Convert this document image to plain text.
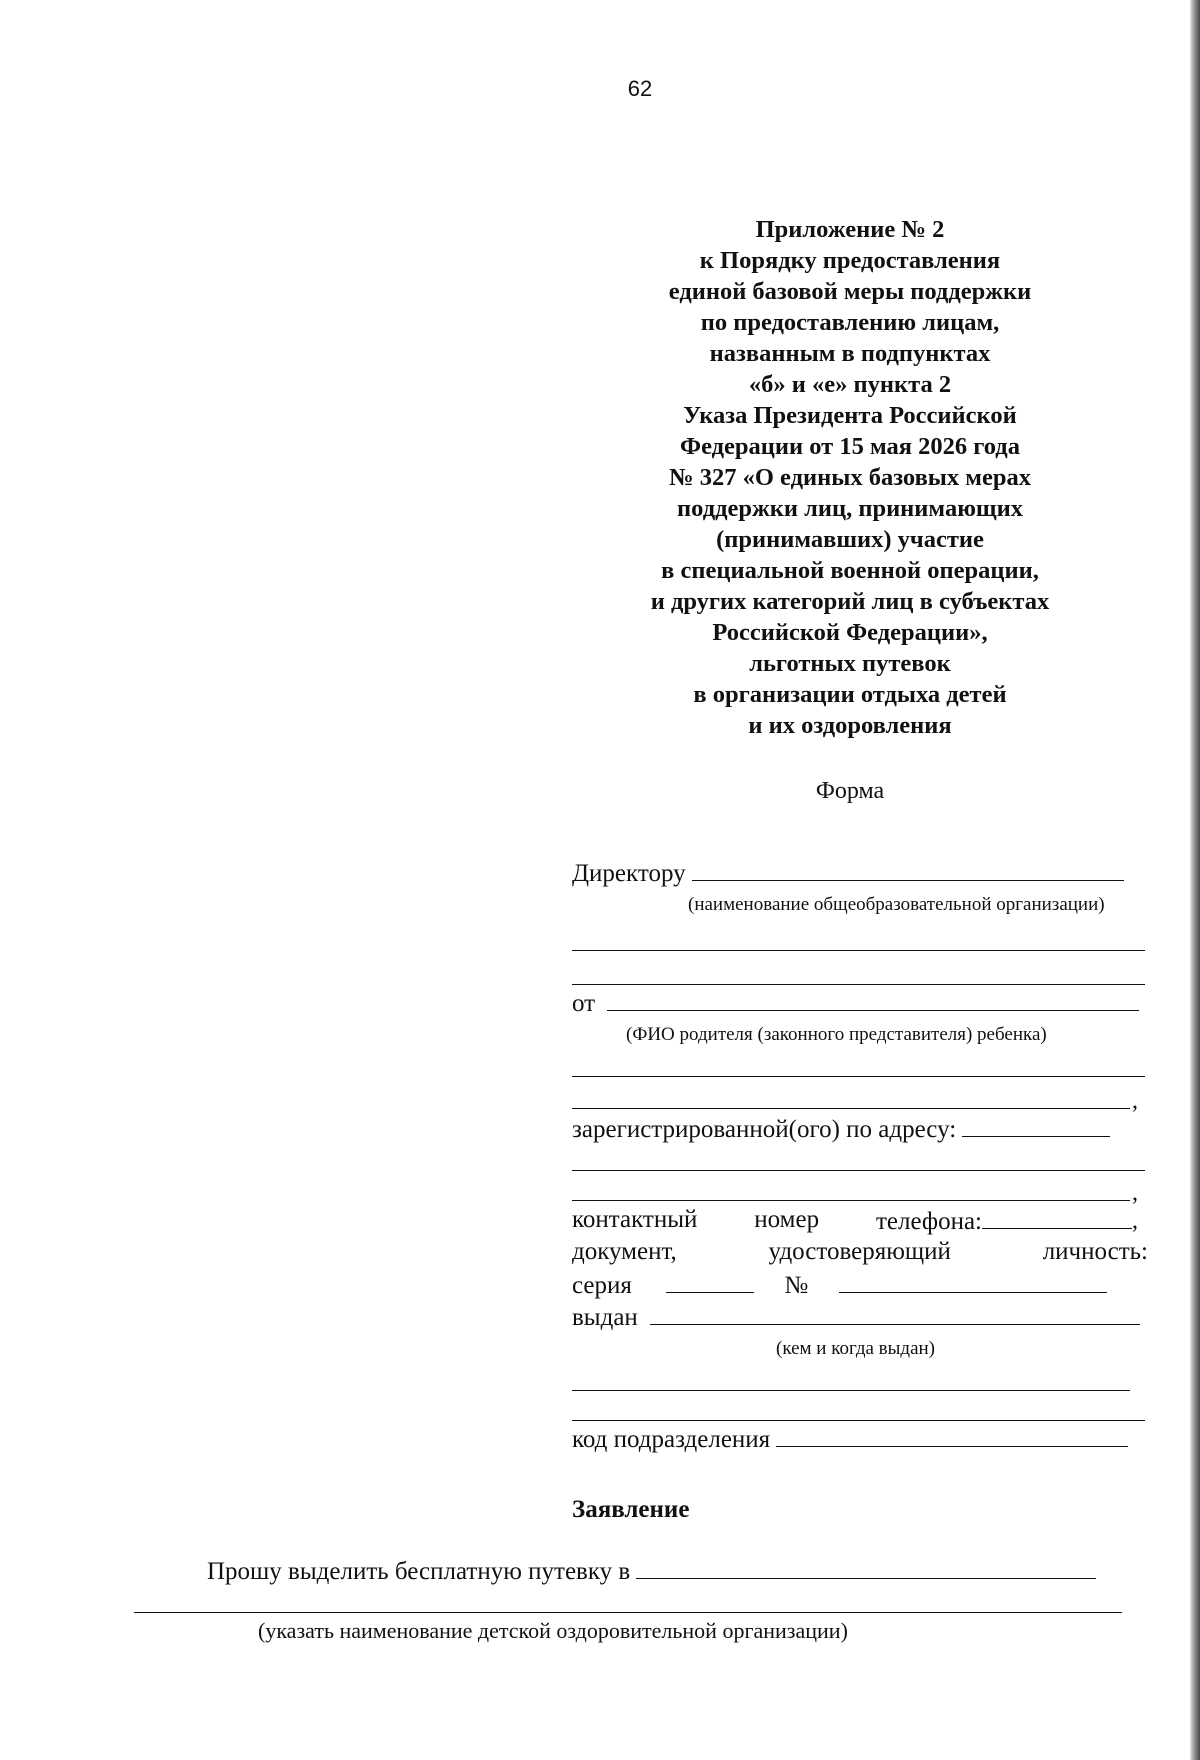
62
Приложение № 2
к Порядку предоставления
единой базовой меры поддержки
по предоставлению лицам,
названным в подпунктах
«б» и «е» пункта 2
Указа Президента Российской
Федерации от 15 мая 2026 года
№ 327 «О единых базовых мерах
поддержки лиц, принимающих
(принимавших) участие
в специальной военной операции,
и других категорий лиц в субъектах
Российской Федерации»,
льготных путевок
в организации отдыха детей
и их оздоровления
Форма
Директору
(наименование общеобразовательной организации)
от
(ФИО родителя (законного представителя) ребенка)
,
зарегистрированной(ого) по адресу:
,
контактный номер телефона:	,
документ,	удостоверяющий	личность:
серия	№
выдан
(кем и когда выдан)
код подразделения
Заявление
Прошу выделить бесплатную путевку в
(указать наименование детской оздоровительной организации)
